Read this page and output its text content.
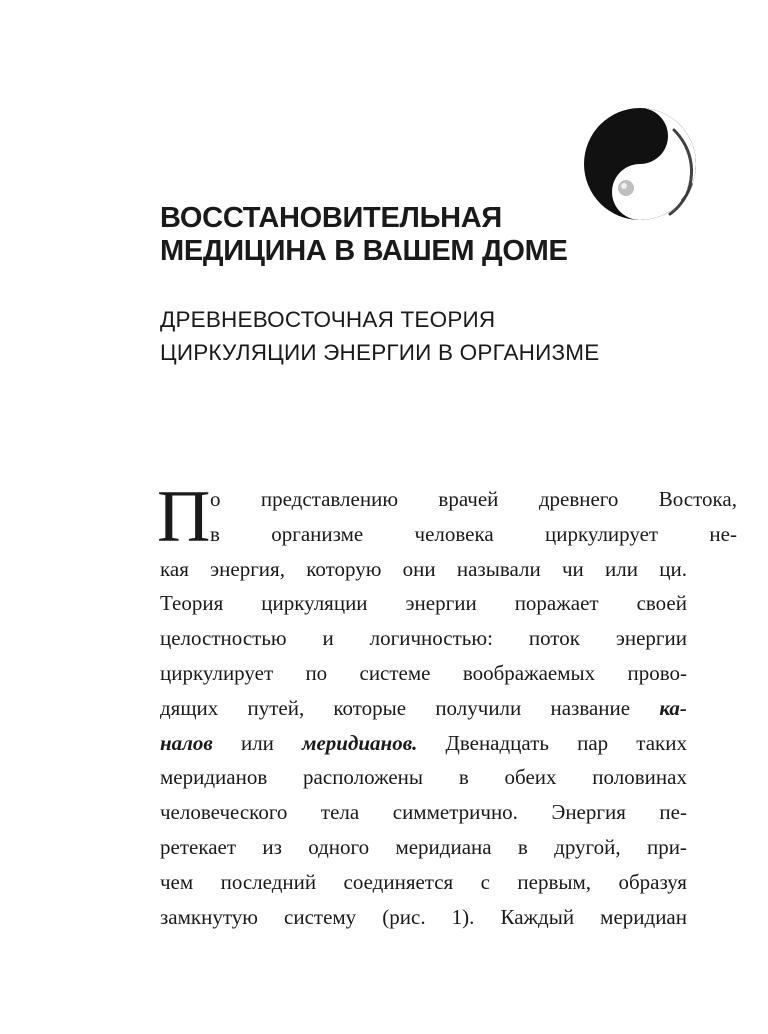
ВОССТАНОВИТЕЛЬНАЯ
МЕДИЦИНА В ВАШЕМ ДОМЕ
ДРЕВНЕВОСТОЧНАЯ ТЕОРИЯ
ЦИРКУЛЯЦИИ ЭНЕРГИИ В ОРГАНИЗМЕ
П о представлению врачей древнего Востока,
в организме человека циркулирует не-
кая энергия, которую они называли чи или ци.
Теория циркуляции энергии поражает своей
целостностью и логичностью: поток энергии
циркулирует по системе воображаемых прово-
дящих путей, которые получили название ка-
налов или меридианов. Двенадцать пар таких
меридианов расположены в обеих половинах
человеческого тела симметрично. Энергия пе-
ретекает из одного меридиана в другой, при-
чем последний соединяется с первым, образуя
замкнутую систему (рис. 1). Каждый меридиан
